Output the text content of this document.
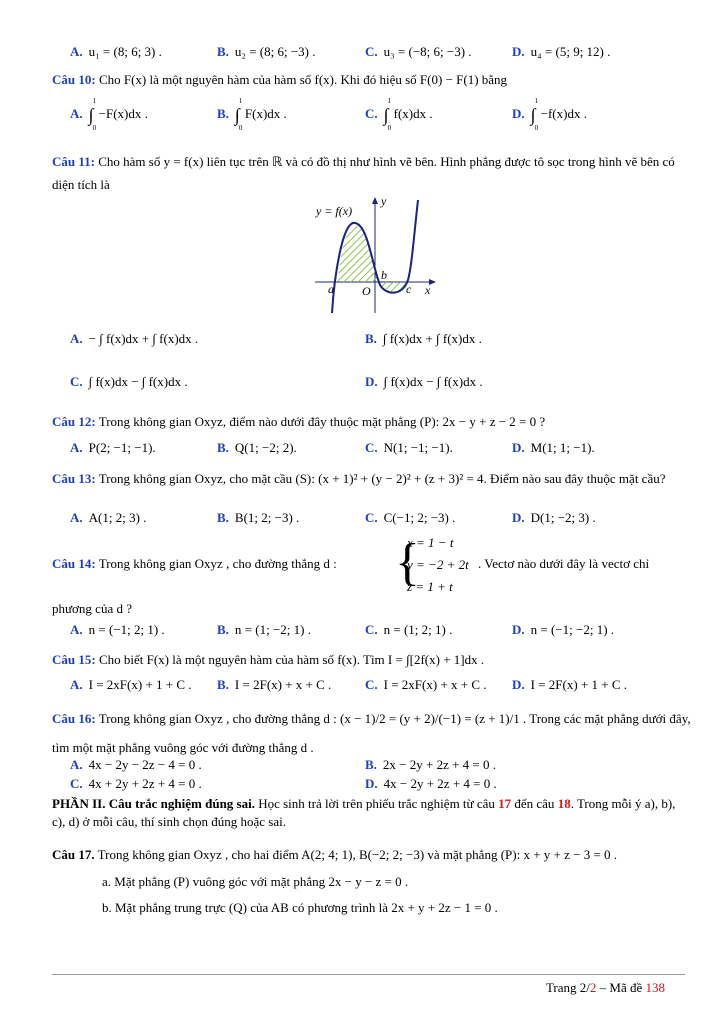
A. u₁ = (8; 6; 3) .	B. u₂ = (8; 6; −3) .	C. u₃ = (−8; 6; −3) .	D. u₄ = (5; 9; 12) .
Câu 10: Cho F(x) là một nguyên hàm của hàm số f(x). Khi đó hiệu số F(0) − F(1) bằng
A. ∫
1
0
−F(x)dx .	B. ∫
1
0
F(x)dx .	C. ∫
1
0
f(x)dx .	D. ∫
1
0
−f(x)dx .
Câu 11: Cho hàm số y = f(x) liên tục trên ℝ và có đồ thị như hình vẽ bên. Hình phẳng được tô sọc trong hình vẽ bên có diện tích là
y = f(x)
y
x
a O
b
c
A. − ∫ f(x)dx + ∫ f(x)dx .	B. ∫ f(x)dx + ∫ f(x)dx .
C. ∫ f(x)dx − ∫ f(x)dx .	D. ∫ f(x)dx − ∫ f(x)dx .
Câu 12: Trong không gian Oxyz, điểm nào dưới đây thuộc mặt phẳng (P): 2x − y + z − 2 = 0 ?
A. P(2; −1; −1).	B. Q(1; −2; 2).	C. N(1; −1; −1).	D. M(1; 1; −1).
Câu 13: Trong không gian Oxyz, cho mặt cầu (S): (x + 1)² + (y − 2)² + (z + 3)² = 4. Điểm nào sau đây thuộc mặt cầu?
A. A(1; 2; 3) .	B. B(1; 2; −3) .	C. C(−1; 2; −3) .	D. D(1; −2; 3) .
Câu 14: Trong không gian Oxyz , cho đường thẳng d :	{
x = 1 − t
y = −2 + 2t
z = 1 + t
. Vectơ nào dưới đây là vectơ chỉ
phương của d ?
A. n = (−1; 2; 1) .	B. n = (1; −2; 1) .	C. n = (1; 2; 1) .	D. n = (−1; −2; 1) .
Câu 15: Cho biết F(x) là một nguyên hàm của hàm số f(x). Tìm I = ∫[2f(x) + 1]dx .
A. I = 2xF(x) + 1 + C . B. I = 2F(x) + x + C .	C. I = 2xF(x) + x + C . D. I = 2F(x) + 1 + C .
Câu 16: Trong không gian Oxyz , cho đường thẳng d : (x − 1)/2 = (y + 2)/(−1) = (z + 1)/1 . Trong các mặt phẳng dưới đây,
tìm một mặt phẳng vuông góc với đường thẳng d .
A. 4x − 2y − 2z − 4 = 0 .	B. 2x − 2y + 2z + 4 = 0 .
C. 4x + 2y + 2z + 4 = 0 .	D. 4x − 2y + 2z + 4 = 0 .
PHẦN II. Câu trắc nghiệm đúng sai. Học sinh trả lời trên phiếu trắc nghiệm từ câu 17 đến câu 18. Trong mỗi ý a), b), c), d) ở mỗi câu, thí sinh chọn đúng hoặc sai.
Câu 17. Trong không gian Oxyz , cho hai điểm A(2; 4; 1), B(−2; 2; −3) và mặt phẳng (P): x + y + z − 3 = 0 .
a. Mặt phẳng (P) vuông góc với mặt phẳng 2x − y − z = 0 .
b. Mặt phẳng trung trực (Q) của AB có phương trình là 2x + y + 2z − 1 = 0 .
Trang 2/2 – Mã đề 138
